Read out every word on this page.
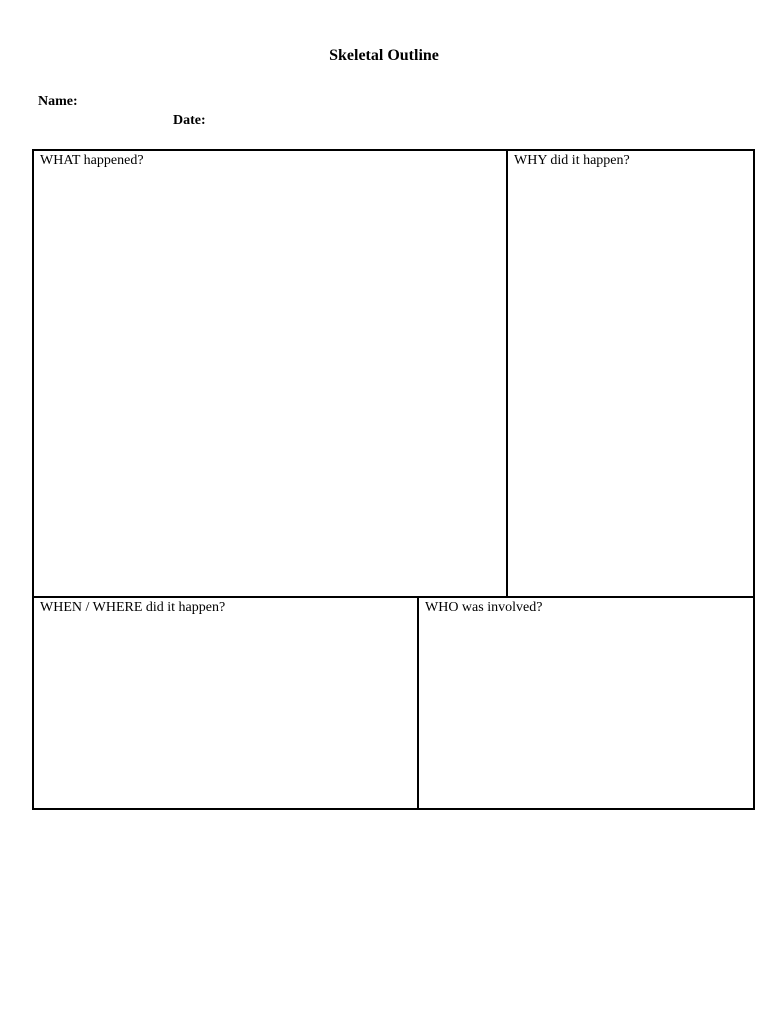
Skeletal Outline
Name:
Date:
WHAT happened?	WHY did it happen?
WHEN / WHERE did it happen?	WHO was involved?
